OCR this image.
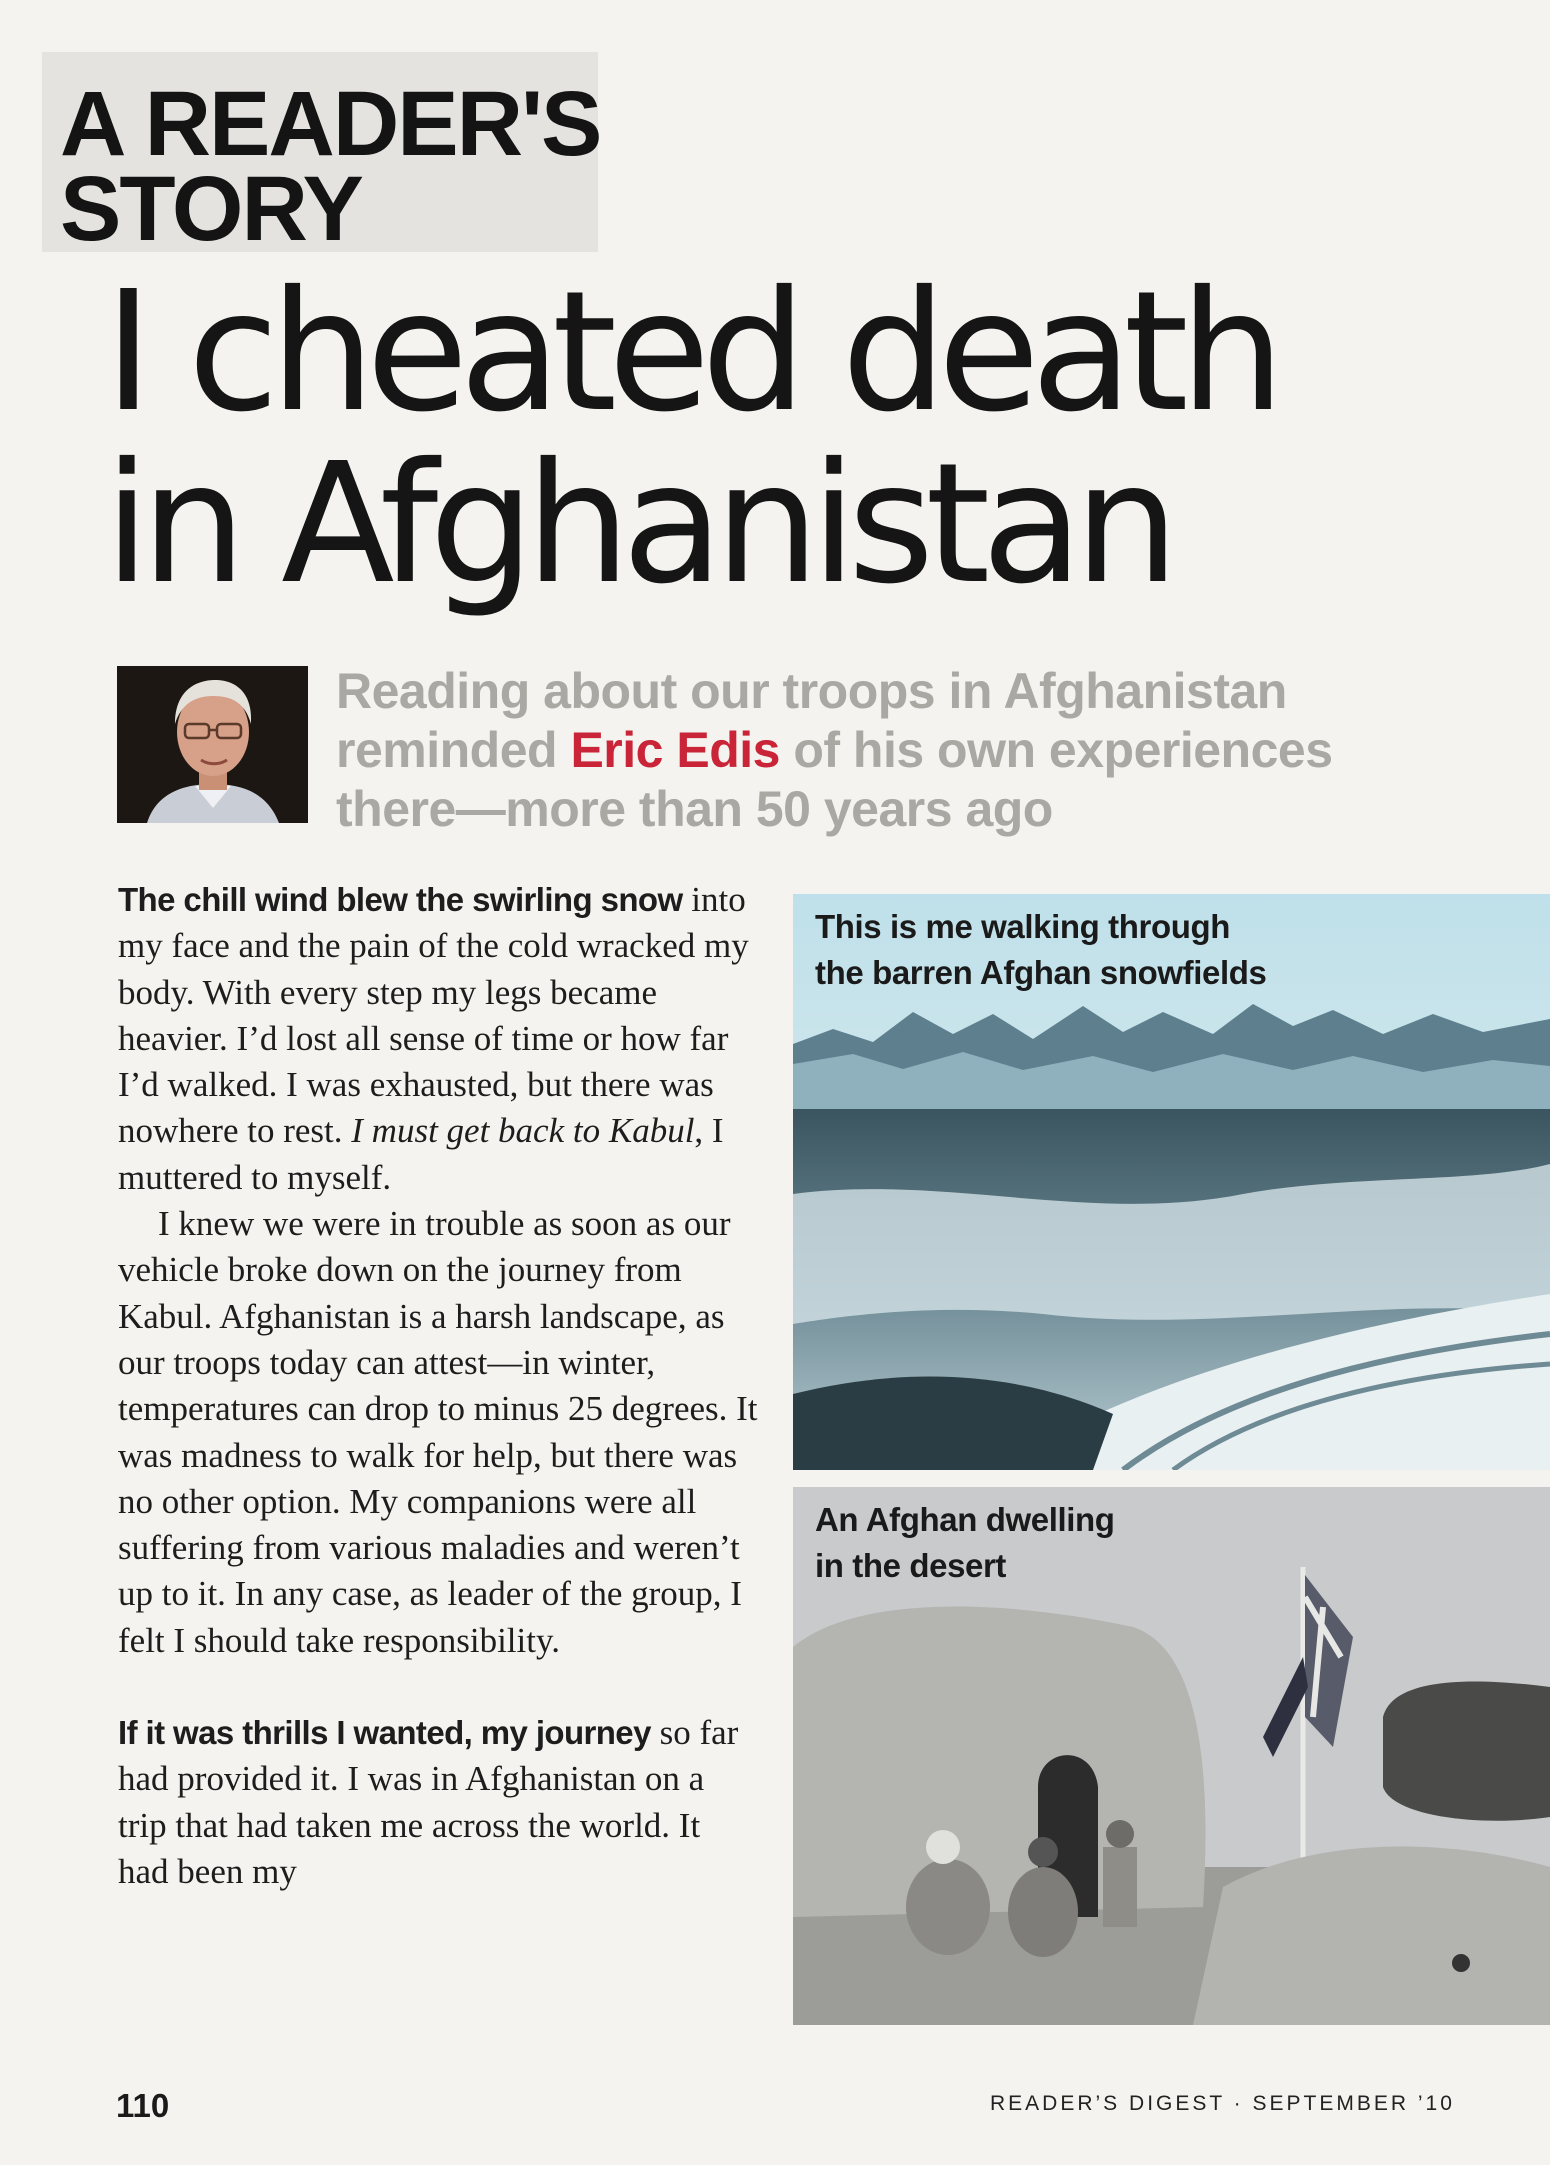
A READER'S
STORY
I cheated death
in Afghanistan
Reading about our troops in Afghanistan reminded Eric Edis of his own experiences there—more than 50 years ago

The chill wind blew the swirling snow into my face and the pain of the cold wracked my body. With every step my legs became heavier. I’d lost all sense of time or how far I’d walked. I was exhausted, but there was nowhere to rest. I must get back to Kabul, I muttered to myself.

I knew we were in trouble as soon as our vehicle broke down on the journey from Kabul. Afghanistan is a harsh landscape, as our troops today can attest—in winter, temperatures can drop to minus 25 degrees. It was madness to walk for help, but there was no other option. My companions were all suffering from various maladies and weren’t up to it. In any case, as leader of the group, I felt I should take responsibility.

If it was thrills I wanted, my journey so far had provided it. I was in Afghanistan on a trip that had taken me across the world. It had been my

This is me walking through
the barren Afghan snowfields
An Afghan dwelling
in the desert
110	READER’S DIGEST · SEPTEMBER ’10
